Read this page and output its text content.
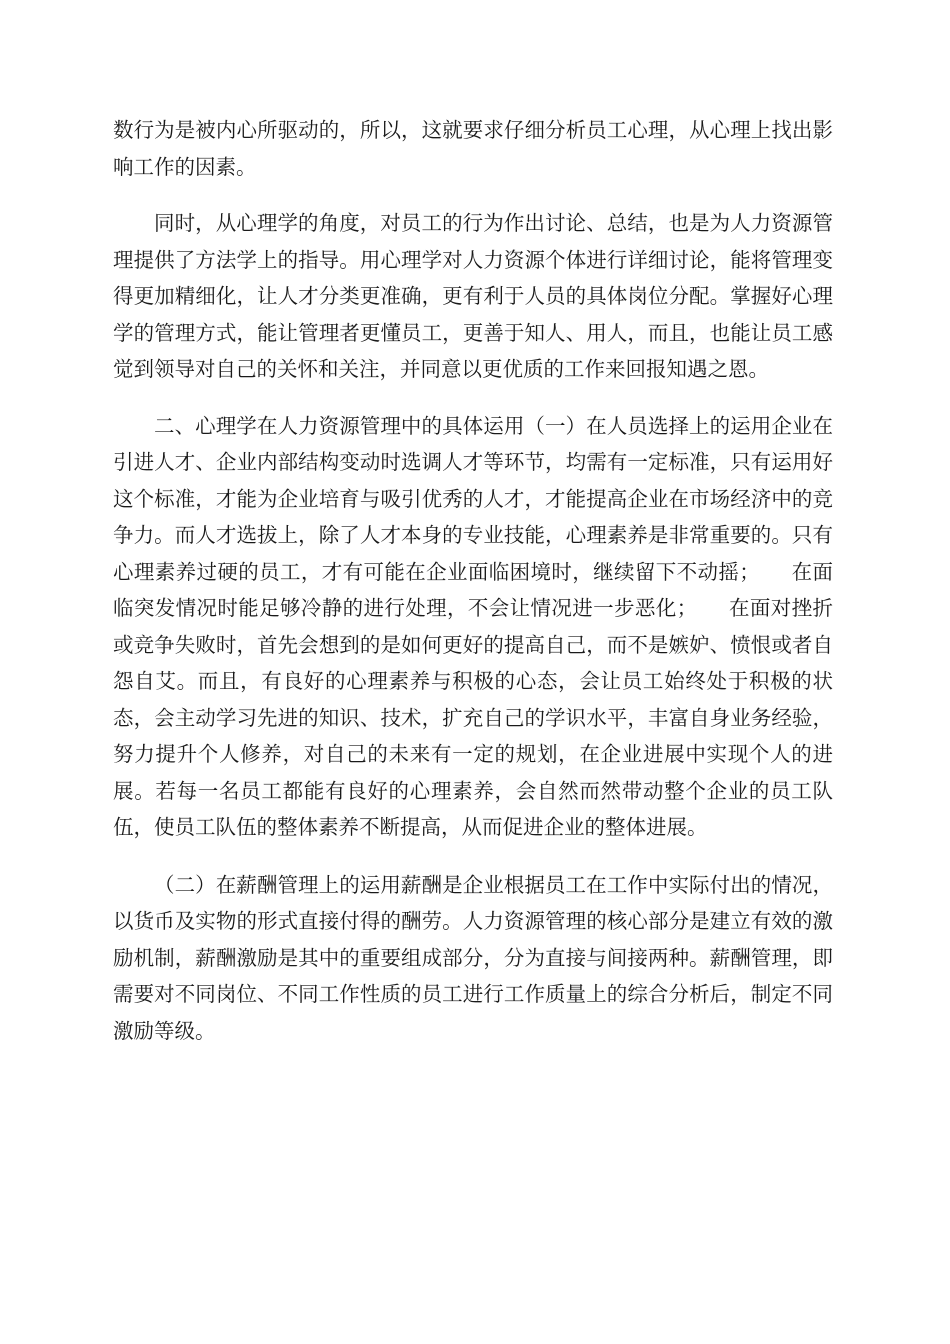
数行为是被内心所驱动的，所以，这就要求仔细分析员工心理，从心理上找出影响工作的因素。

同时，从心理学的角度，对员工的行为作出讨论、总结，也是为人力资源管理提供了方法学上的指导。用心理学对人力资源个体进行详细讨论，能将管理变得更加精细化，让人才分类更准确，更有利于人员的具体岗位分配。掌握好心理学的管理方式，能让管理者更懂员工，更善于知人、用人，而且，也能让员工感觉到领导对自己的关怀和关注，并同意以更优质的工作来回报知遇之恩。

二、心理学在人力资源管理中的具体运用（一）在人员选择上的运用企业在引进人才、企业内部结构变动时选调人才等环节，均需有一定标准，只有运用好这个标准，才能为企业培育与吸引优秀的人才，才能提高企业在市场经济中的竞争力。而人才选拔上，除了人才本身的专业技能，心理素养是非常重要的。只有心理素养过硬的员工，才有可能在企业面临困境时，继续留下不动摇；　　在面临突发情况时能足够冷静的进行处理，不会让情况进一步恶化；　　在面对挫折或竞争失败时，首先会想到的是如何更好的提高自己，而不是嫉妒、愤恨或者自怨自艾。而且，有良好的心理素养与积极的心态，会让员工始终处于积极的状态，会主动学习先进的知识、技术，扩充自己的学识水平，丰富自身业务经验，努力提升个人修养，对自己的未来有一定的规划，在企业进展中实现个人的进展。若每一名员工都能有良好的心理素养，会自然而然带动整个企业的员工队伍，使员工队伍的整体素养不断提高，从而促进企业的整体进展。

（二）在薪酬管理上的运用薪酬是企业根据员工在工作中实际付出的情况，以货币及实物的形式直接付得的酬劳。人力资源管理的核心部分是建立有效的激励机制，薪酬激励是其中的重要组成部分，分为直接与间接两种。薪酬管理，即需要对不同岗位、不同工作性质的员工进行工作质量上的综合分析后，制定不同激励等级。
